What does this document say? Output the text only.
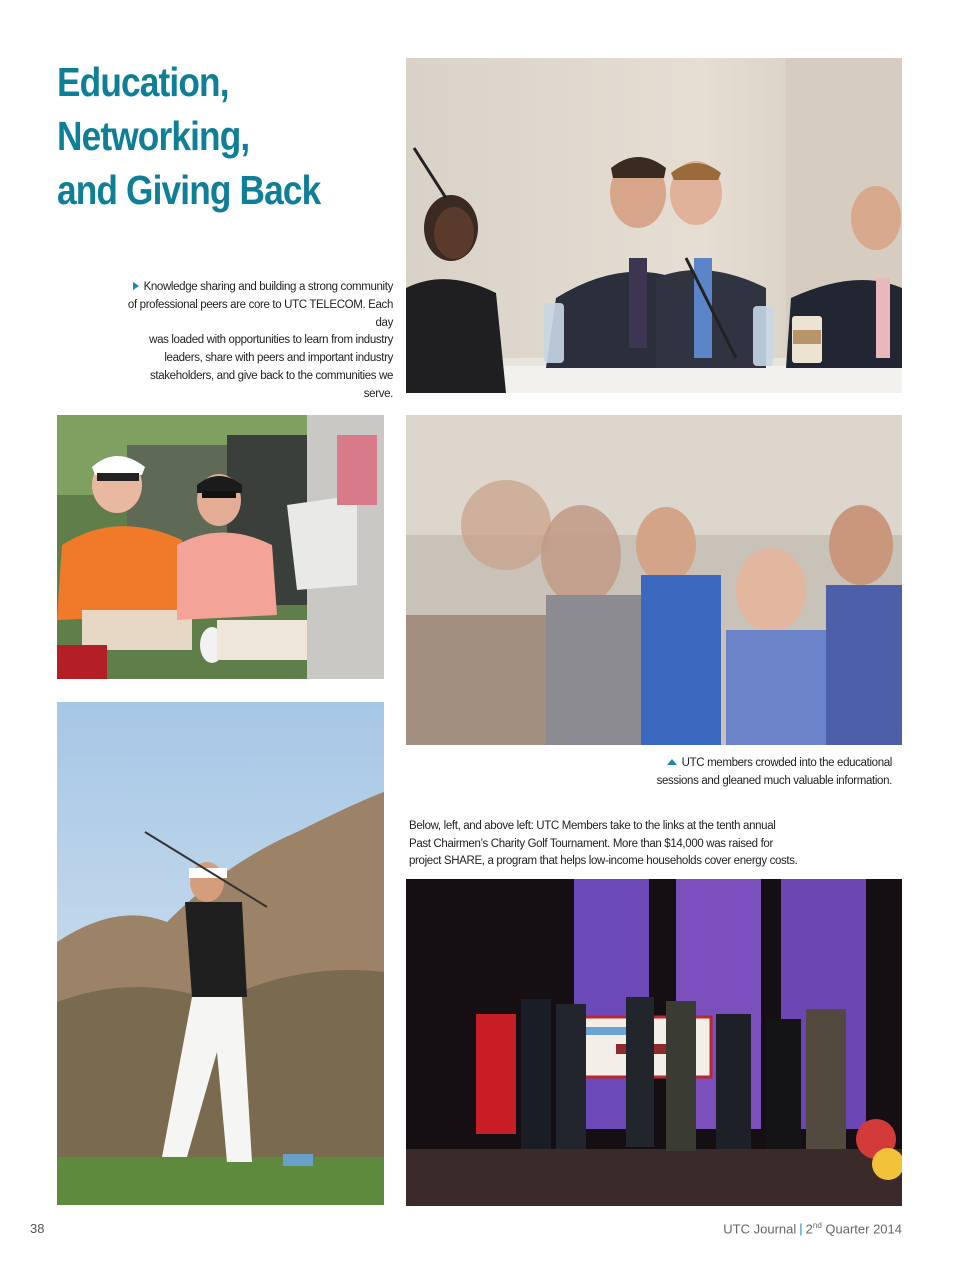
Education,
Networking,
and Giving Back
Knowledge sharing and building a strong community
of professional peers are core to UTC TELECOM. Each day
was loaded with opportunities to learn from industry
leaders, share with peers and important industry
stakeholders, and give back to the communities we serve.
UTC members crowded into the educational
sessions and gleaned much valuable information.
Below, left, and above left: UTC Members take to the links at the tenth annual
Past Chairmen’s Charity Golf Tournament. More than $14,000 was raised for
project SHARE, a program that helps low-income households cover energy costs.
38	UTC Journal | 2nd Quarter 2014
